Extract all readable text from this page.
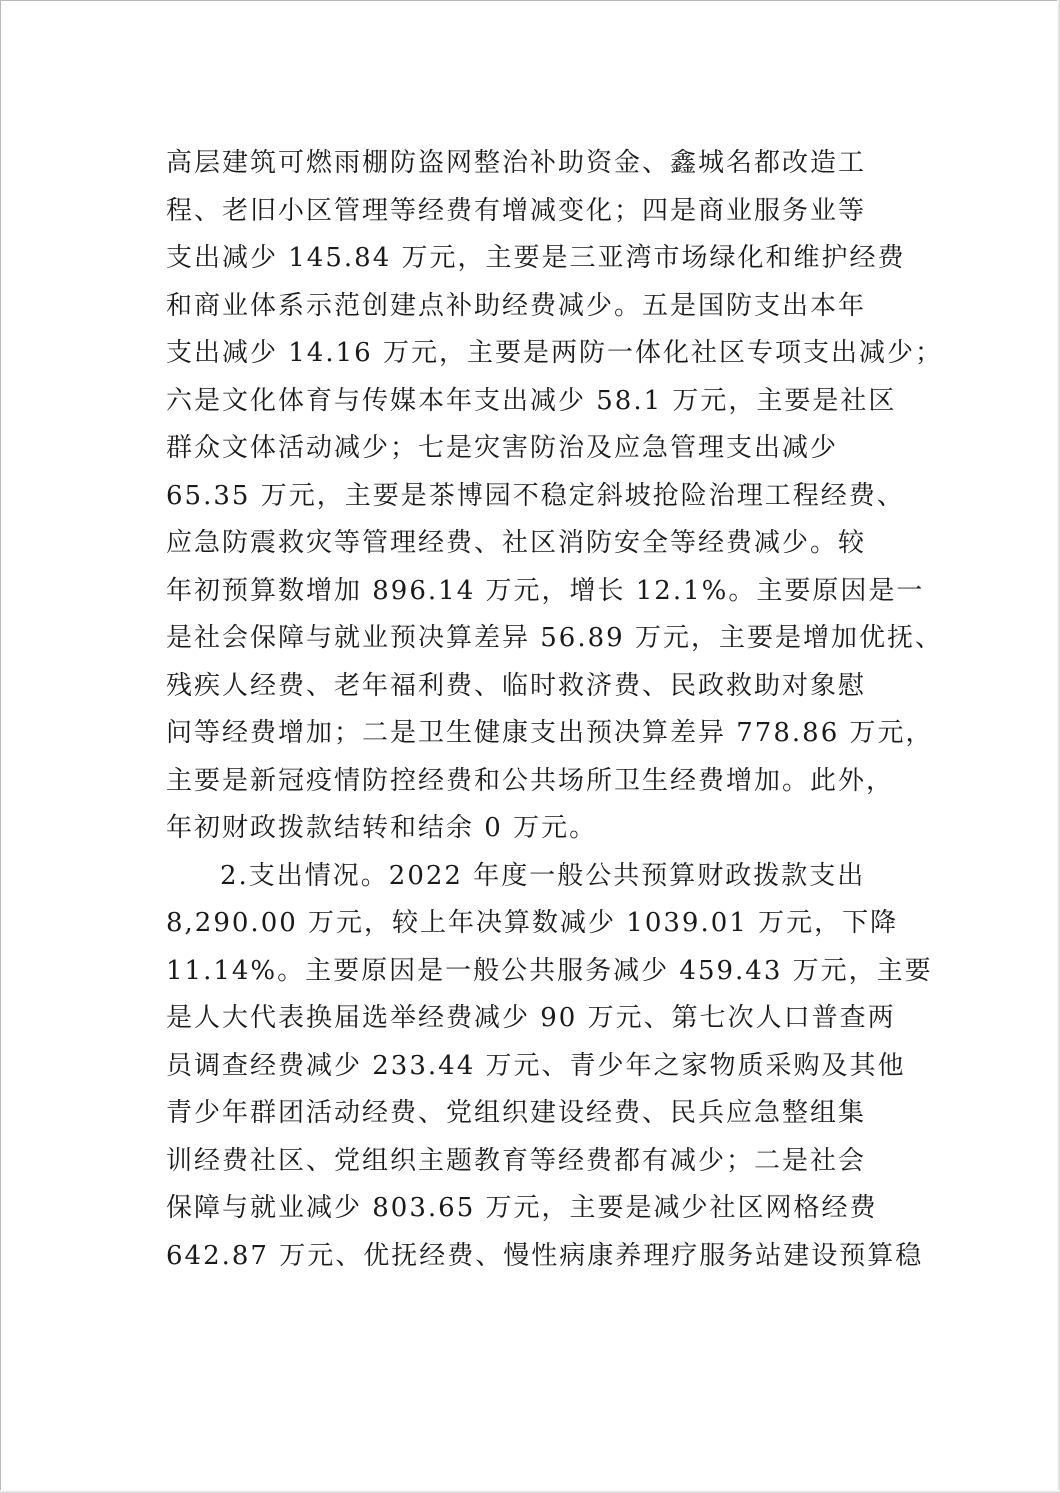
高层建筑可燃雨棚防盗网整治补助资金、鑫城名都改造工
程、老旧小区管理等经费有增减变化；四是商业服务业等
支出减少 145.84 万元，主要是三亚湾市场绿化和维护经费
和商业体系示范创建点补助经费减少。五是国防支出本年
支出减少 14.16 万元，主要是两防一体化社区专项支出减少；
六是文化体育与传媒本年支出减少 58.1 万元，主要是社区
群众文体活动减少；七是灾害防治及应急管理支出减少
65.35 万元，主要是茶博园不稳定斜坡抢险治理工程经费、
应急防震救灾等管理经费、社区消防安全等经费减少。较
年初预算数增加 896.14 万元，增长 12.1%。主要原因是一
是社会保障与就业预决算差异 56.89 万元，主要是增加优抚、
残疾人经费、老年福利费、临时救济费、民政救助对象慰
问等经费增加；二是卫生健康支出预决算差异 778.86 万元，
主要是新冠疫情防控经费和公共场所卫生经费增加。此外，
年初财政拨款结转和结余 0 万元。
2.支出情况。2022 年度一般公共预算财政拨款支出
8,290.00 万元，较上年决算数减少 1039.01 万元，下降
11.14%。主要原因是一般公共服务减少 459.43 万元，主要
是人大代表换届选举经费减少 90 万元、第七次人口普查两
员调查经费减少 233.44 万元、青少年之家物质采购及其他
青少年群团活动经费、党组织建设经费、民兵应急整组集
训经费社区、党组织主题教育等经费都有减少；二是社会
保障与就业减少 803.65 万元，主要是减少社区网格经费
642.87 万元、优抚经费、慢性病康养理疗服务站建设预算稳
